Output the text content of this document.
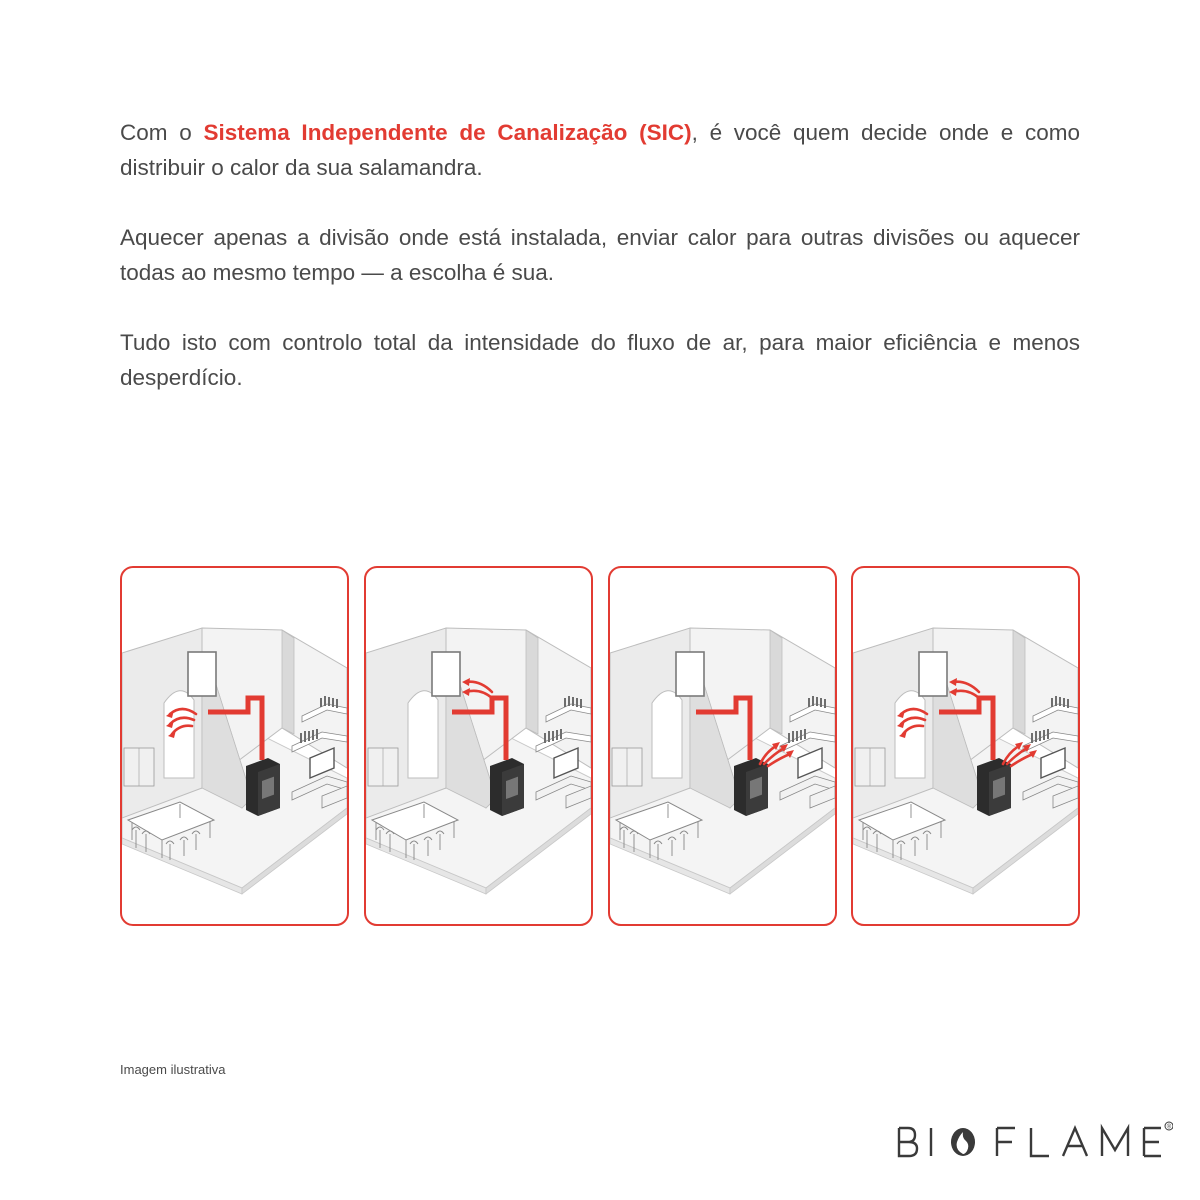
Com o Sistema Independente de Canalização (SIC), é você quem decide onde e como distribuir o calor da sua salamandra.

Aquecer apenas a divisão onde está instalada, enviar calor para outras divisões ou aquecer todas ao mesmo tempo — a escolha é sua.

Tudo isto com controlo total da intensidade do fluxo de ar, para maior eficiência e menos desperdício.

Imagem ilustrativa
®
